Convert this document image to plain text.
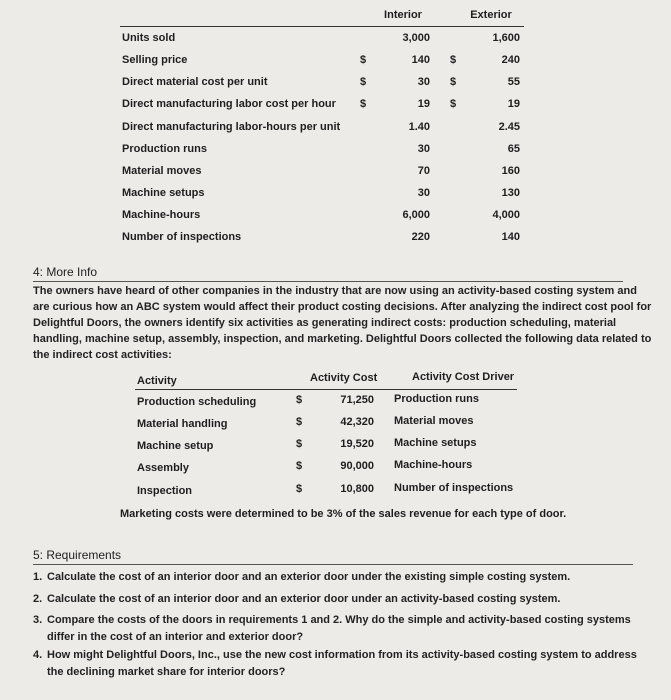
Interior	Exterior
Units sold	3,000	1,600
Selling price	$	140 $	240
Direct material cost per unit	$	30 $	55
Direct manufacturing labor cost per hour $	19 $	19
Direct manufacturing labor-hours per unit	1.40	2.45
Production runs	30	65
Material moves	70	160
Machine setups	30	130
Machine-hours	6,000	4,000
Number of inspections	220	140
4: More Info
The owners have heard of other companies in the industry that are now using an activity-based costing system and
are curious how an ABC system would affect their product costing decisions. After analyzing the indirect cost pool for
Delightful Doors, the owners identify six activities as generating indirect costs: production scheduling, material
handling, machine setup, assembly, inspection, and marketing. Delightful Doors collected the following data related to
the indirect cost activities:
Activity	Activity Cost	Activity Cost Driver
Production scheduling	$	71,250 Production runs
Material handling	$	42,320 Material moves
Machine setup	$	19,520 Machine setups
Assembly	$	90,000 Machine-hours
Inspection	$	10,800 Number of inspections
Marketing costs were determined to be 3% of the sales revenue for each type of door.
5: Requirements
1. Calculate the cost of an interior door and an exterior door under the existing simple costing system.
2. Calculate the cost of an interior door and an exterior door under an activity-based costing system.
3. Compare the costs of the doors in requirements 1 and 2. Why do the simple and activity-based costing systems
differ in the cost of an interior and exterior door?
4. How might Delightful Doors, Inc., use the new cost information from its activity-based costing system to address
the declining market share for interior doors?
